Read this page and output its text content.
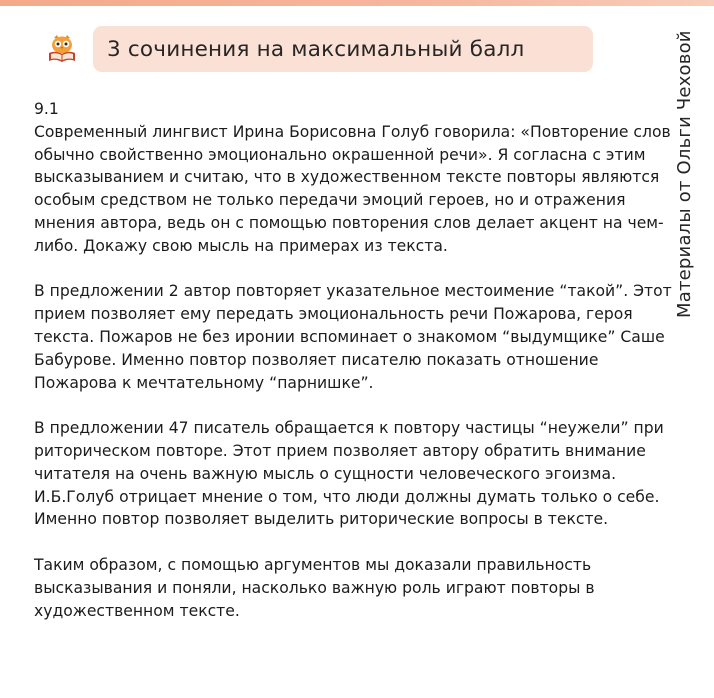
3 сочинения на максимальный балл	Материалы от Ольги Чеховой

9.1

Современный лингвист Ирина Борисовна Голуб говорила: «Повторение слов обычно свойственно эмоционально окрашенной речи». Я согласна с этим высказыванием и считаю, что в художественном тексте повторы являются особым средством не только передачи эмоций героев, но и отражения мнения автора, ведь он с помощью повторения слов делает акцент на чем-либо. Докажу свою мысль на примерах из текста.

В предложении 2 автор повторяет указательное местоимение “такой”. Этот прием позволяет ему передать эмоциональность речи Пожарова, героя текста. Пожаров не без иронии вспоминает о знакомом “выдумщике” Саше Бабурове. Именно повтор позволяет писателю показать отношение Пожарова к мечтательному “парнишке”.

В предложении 47 писатель обращается к повтору частицы “неужели” при риторическом повторе. Этот прием позволяет автору обратить внимание читателя на очень важную мысль о сущности человеческого эгоизма. И.Б.Голуб отрицает мнение о том, что люди должны думать только о себе. Именно повтор позволяет выделить риторические вопросы в тексте.

Таким образом, с помощью аргументов мы доказали правильность высказывания и поняли, насколько важную роль играют повторы в художественном тексте.
